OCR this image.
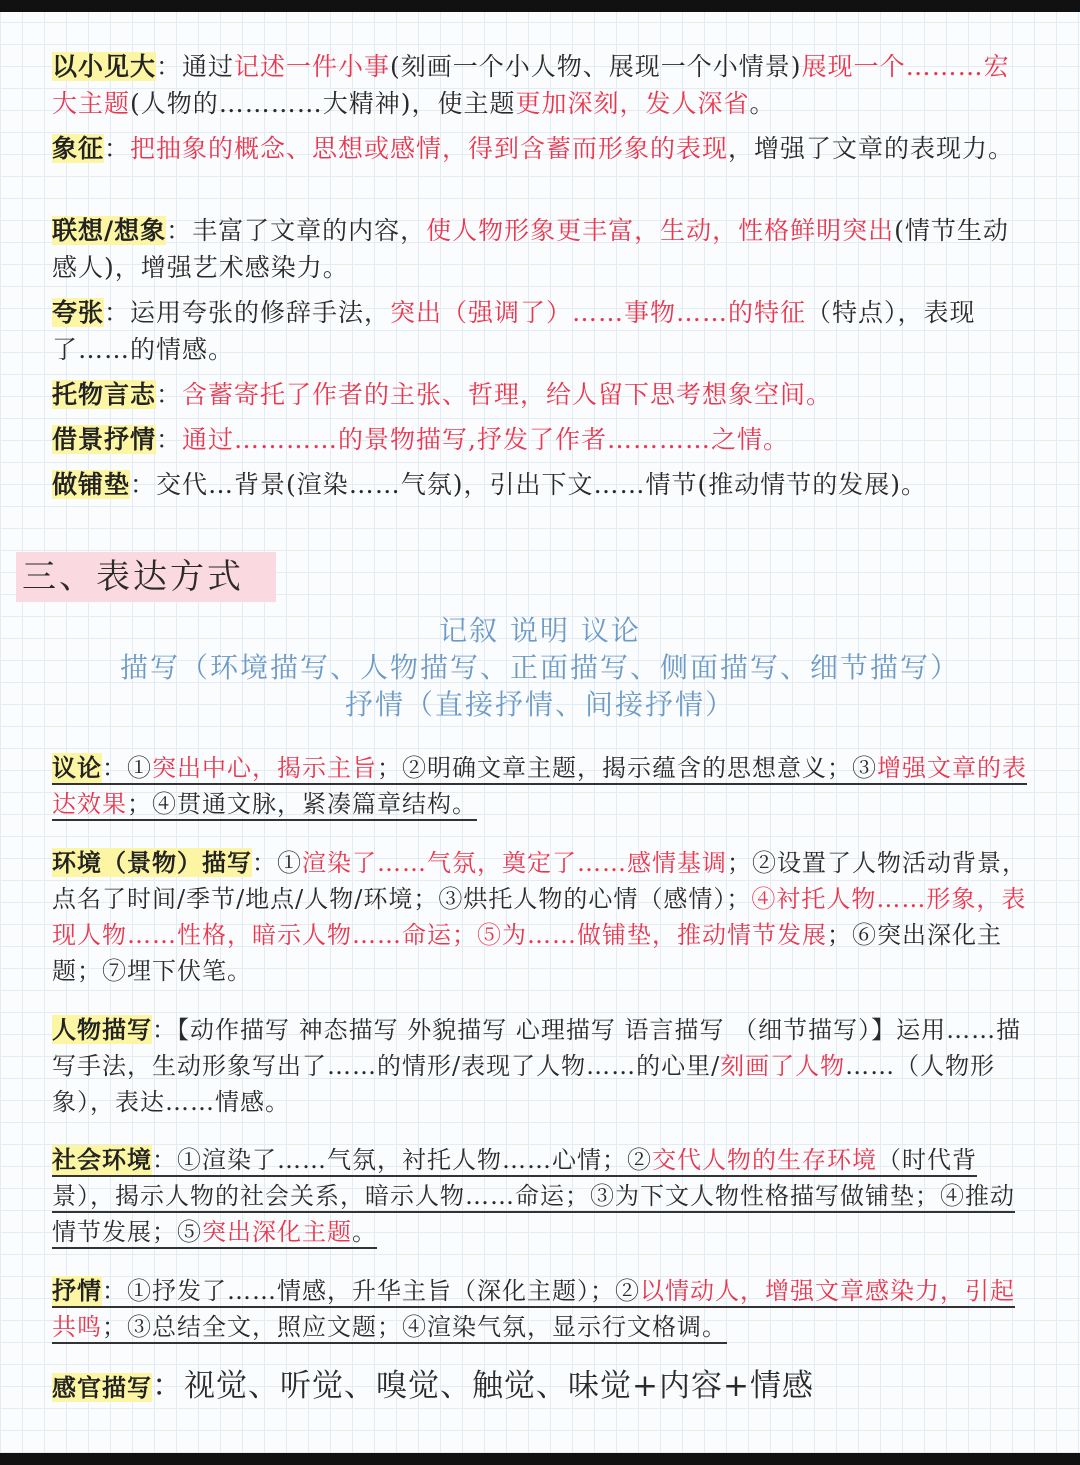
以小见大：通过记述一件小事(刻画一个小人物、展现一个小情景)展现一个………宏大主题(人物的…………大精神)，使主题更加深刻，发人深省。
象征：把抽象的概念、思想或感情，得到含蓄而形象的表现，增强了文章的表现力。
联想/想象：丰富了文章的内容，使人物形象更丰富，生动，性格鲜明突出(情节生动感人)，增强艺术感染力。
夸张：运用夸张的修辞手法，突出（强调了）……事物……的特征（特点），表现了……的情感。
托物言志：含蓄寄托了作者的主张、哲理，给人留下思考想象空间。
借景抒情：通过…………的景物描写,抒发了作者…………之情。
做铺垫：交代…背景(渲染……气氛)，引出下文……情节(推动情节的发展)。
三、表达方式
记叙 说明 议论
描写（环境描写、人物描写、正面描写、侧面描写、细节描写）
抒情（直接抒情、间接抒情）
议论：①突出中心，揭示主旨；②明确文章主题，揭示蕴含的思想意义；③增强文章的表达效果；④贯通文脉，紧凑篇章结构。
环境（景物）描写：①渲染了……气氛，奠定了……感情基调；②设置了人物活动背景，点名了时间/季节/地点/人物/环境；③烘托人物的心情（感情）；④衬托人物……形象，表现人物……性格，暗示人物……命运；⑤为……做铺垫，推动情节发展；⑥突出深化主题；⑦埋下伏笔。
人物描写：【动作描写 神态描写 外貌描写 心理描写 语言描写 （细节描写）】运用……描写手法，生动形象写出了……的情形/表现了人物……的心里/刻画了人物……（人物形象），表达……情感。
社会环境：①渲染了……气氛，衬托人物……心情；②交代人物的生存环境（时代背景），揭示人物的社会关系，暗示人物……命运；③为下文人物性格描写做铺垫；④推动情节发展；⑤突出深化主题。
抒情：①抒发了……情感，升华主旨（深化主题）；②以情动人，增强文章感染力，引起共鸣；③总结全文，照应文题；④渲染气氛，显示行文格调。
感官描写：视觉、听觉、嗅觉、触觉、味觉+内容+情感
